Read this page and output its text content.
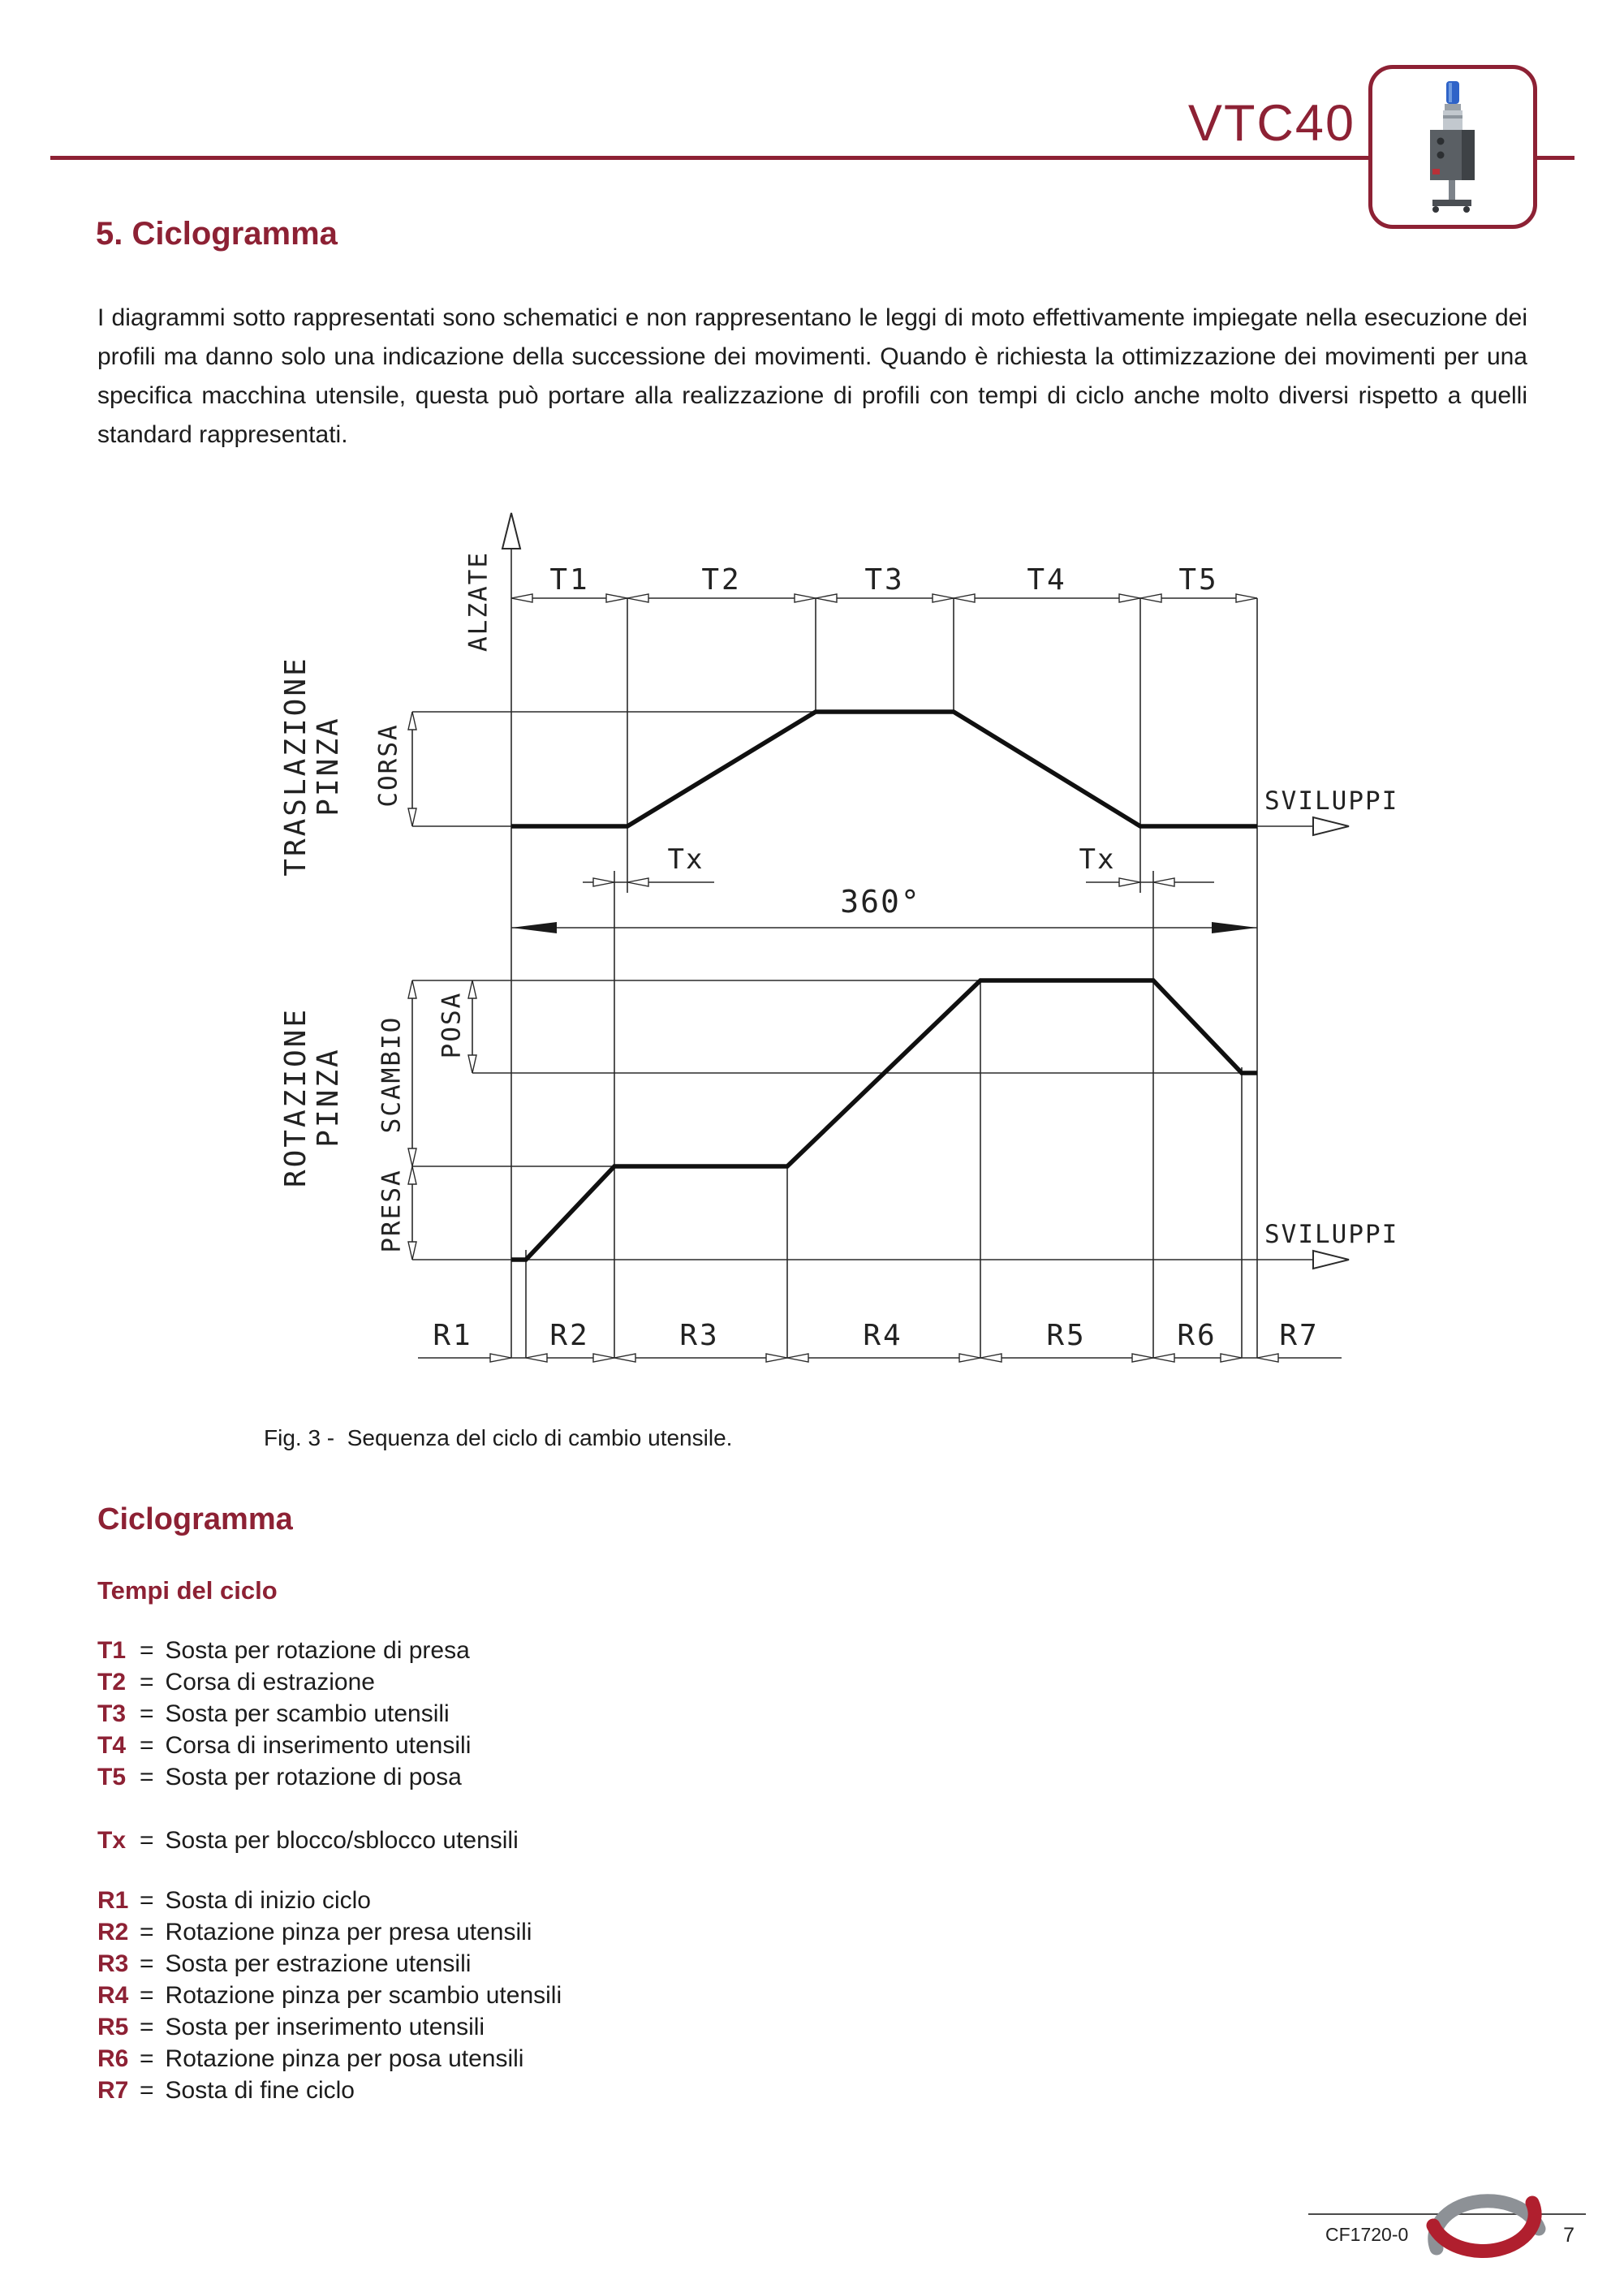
VTC40
5. Ciclogramma
I diagrammi sotto rappresentati sono schematici e non rappresentano le leggi di moto effettivamente impiegate nella esecuzione dei profili ma danno solo una indicazione della successione dei movimenti. Quando è richiesta la ottimizzazione dei movimenti per una specifica macchina utensile, questa può portare alla realizzazione di profili con tempi di ciclo anche molto diversi rispetto a quelli standard rappresentati.
T1	T2	T3	T4	T5
SVILUPPI
SVILUPPI
Tx	Tx
360°
ALZATE
CORSA
TRASLAZIONE PINZA
ROTAZIONE PINZA SCAMBIO
PRESA
POSA
R1	R2	R3	R4	R5	R6 R7
Fig. 3 -  Sequenza del ciclo di cambio utensile.
Ciclogramma
Tempi del ciclo
T1 = Sosta per rotazione di presa
T2 = Corsa di estrazione
T3 = Sosta per scambio utensili
T4 = Corsa di inserimento utensili
T5 = Sosta per rotazione di posa
Tx = Sosta per blocco/sblocco utensili
R1 = Sosta di inizio ciclo
R2 = Rotazione pinza per presa utensili
R3 = Sosta per estrazione utensili
R4 = Rotazione pinza per scambio utensili
R5 = Sosta per inserimento utensili
R6 = Rotazione pinza per posa utensili
R7 = Sosta di fine ciclo
CF1720-0	7
